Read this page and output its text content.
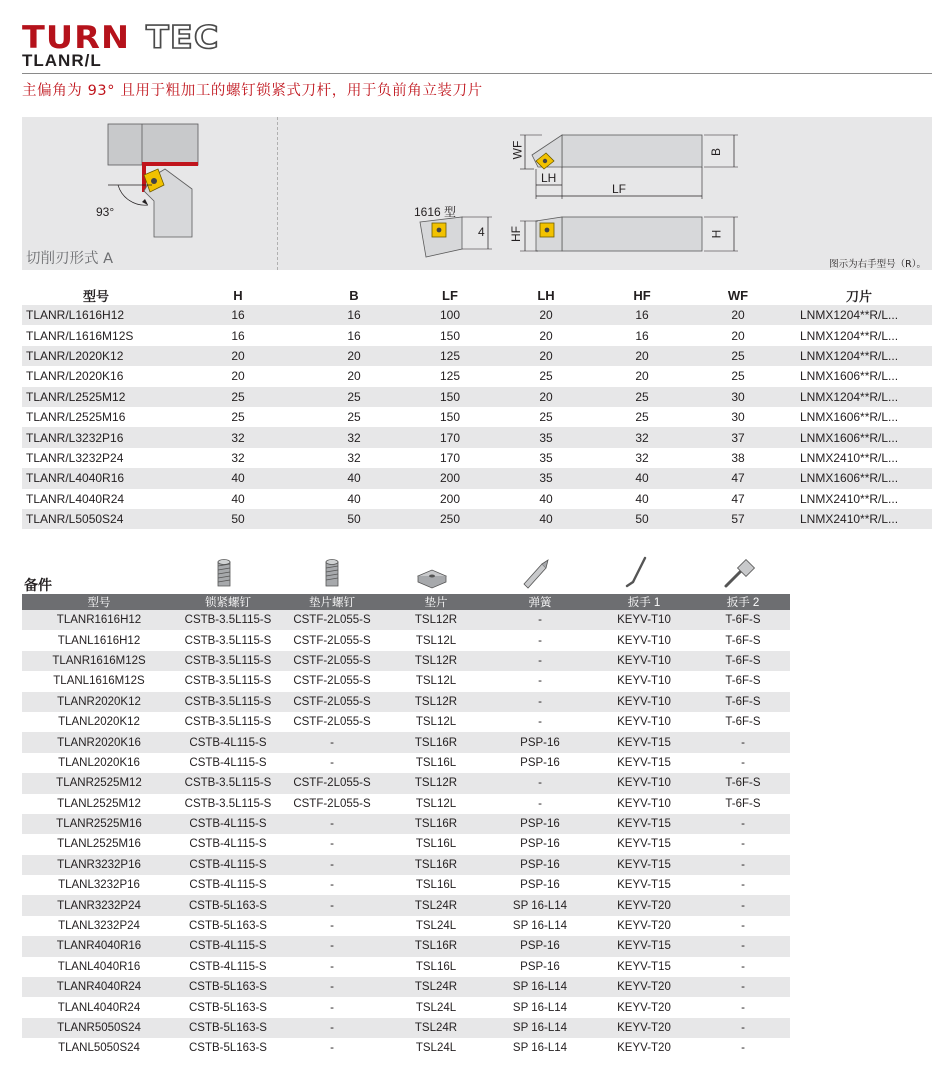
TURN TEC
TLANR/L
主偏角为 93° 且用于粗加工的螺钉锁紧式刀杆，用于负前角立装刀片
93°
切削刃形式 A
1616 型
4
WF	B
LH
LF
HF	H
图示为右手型号（R）。
型号	H	B	LF	LH	HF	WF	刀片
TLANR/L1616H12	16	16	100	20	16	20	LNMX1204**R/L...
TLANR/L1616M12S	16	16	150	20	16	20	LNMX1204**R/L...
TLANR/L2020K12	20	20	125	20	20	25	LNMX1204**R/L...
TLANR/L2020K16	20	20	125	25	20	25	LNMX1606**R/L...
TLANR/L2525M12	25	25	150	20	25	30	LNMX1204**R/L...
TLANR/L2525M16	25	25	150	25	25	30	LNMX1606**R/L...
TLANR/L3232P16	32	32	170	35	32	37	LNMX1606**R/L...
TLANR/L3232P24	32	32	170	35	32	38	LNMX2410**R/L...
TLANR/L4040R16	40	40	200	35	40	47	LNMX1606**R/L...
TLANR/L4040R24	40	40	200	40	40	47	LNMX2410**R/L...
TLANR/L5050S24	50	50	250	40	50	57	LNMX2410**R/L...
备件
型号	锁紧螺钉	垫片螺钉	垫片	弹簧	扳手 1	扳手 2
TLANR1616H12	CSTB-3.5L115-S	CSTF-2L055-S	TSL12R	-	KEYV-T10	T-6F-S
TLANL1616H12	CSTB-3.5L115-S	CSTF-2L055-S	TSL12L	-	KEYV-T10	T-6F-S
TLANR1616M12S	CSTB-3.5L115-S	CSTF-2L055-S	TSL12R	-	KEYV-T10	T-6F-S
TLANL1616M12S	CSTB-3.5L115-S	CSTF-2L055-S	TSL12L	-	KEYV-T10	T-6F-S
TLANR2020K12	CSTB-3.5L115-S	CSTF-2L055-S	TSL12R	-	KEYV-T10	T-6F-S
TLANL2020K12	CSTB-3.5L115-S	CSTF-2L055-S	TSL12L	-	KEYV-T10	T-6F-S
TLANR2020K16	CSTB-4L115-S	-	TSL16R	PSP-16	KEYV-T15	-
TLANL2020K16	CSTB-4L115-S	-	TSL16L	PSP-16	KEYV-T15	-
TLANR2525M12	CSTB-3.5L115-S	CSTF-2L055-S	TSL12R	-	KEYV-T10	T-6F-S
TLANL2525M12	CSTB-3.5L115-S	CSTF-2L055-S	TSL12L	-	KEYV-T10	T-6F-S
TLANR2525M16	CSTB-4L115-S	-	TSL16R	PSP-16	KEYV-T15	-
TLANL2525M16	CSTB-4L115-S	-	TSL16L	PSP-16	KEYV-T15	-
TLANR3232P16	CSTB-4L115-S	-	TSL16R	PSP-16	KEYV-T15	-
TLANL3232P16	CSTB-4L115-S	-	TSL16L	PSP-16	KEYV-T15	-
TLANR3232P24	CSTB-5L163-S	-	TSL24R	SP 16-L14	KEYV-T20	-
TLANL3232P24	CSTB-5L163-S	-	TSL24L	SP 16-L14	KEYV-T20	-
TLANR4040R16	CSTB-4L115-S	-	TSL16R	PSP-16	KEYV-T15	-
TLANL4040R16	CSTB-4L115-S	-	TSL16L	PSP-16	KEYV-T15	-
TLANR4040R24	CSTB-5L163-S	-	TSL24R	SP 16-L14	KEYV-T20	-
TLANL4040R24	CSTB-5L163-S	-	TSL24L	SP 16-L14	KEYV-T20	-
TLANR5050S24	CSTB-5L163-S	-	TSL24R	SP 16-L14	KEYV-T20	-
TLANL5050S24	CSTB-5L163-S	-	TSL24L	SP 16-L14	KEYV-T20	-
